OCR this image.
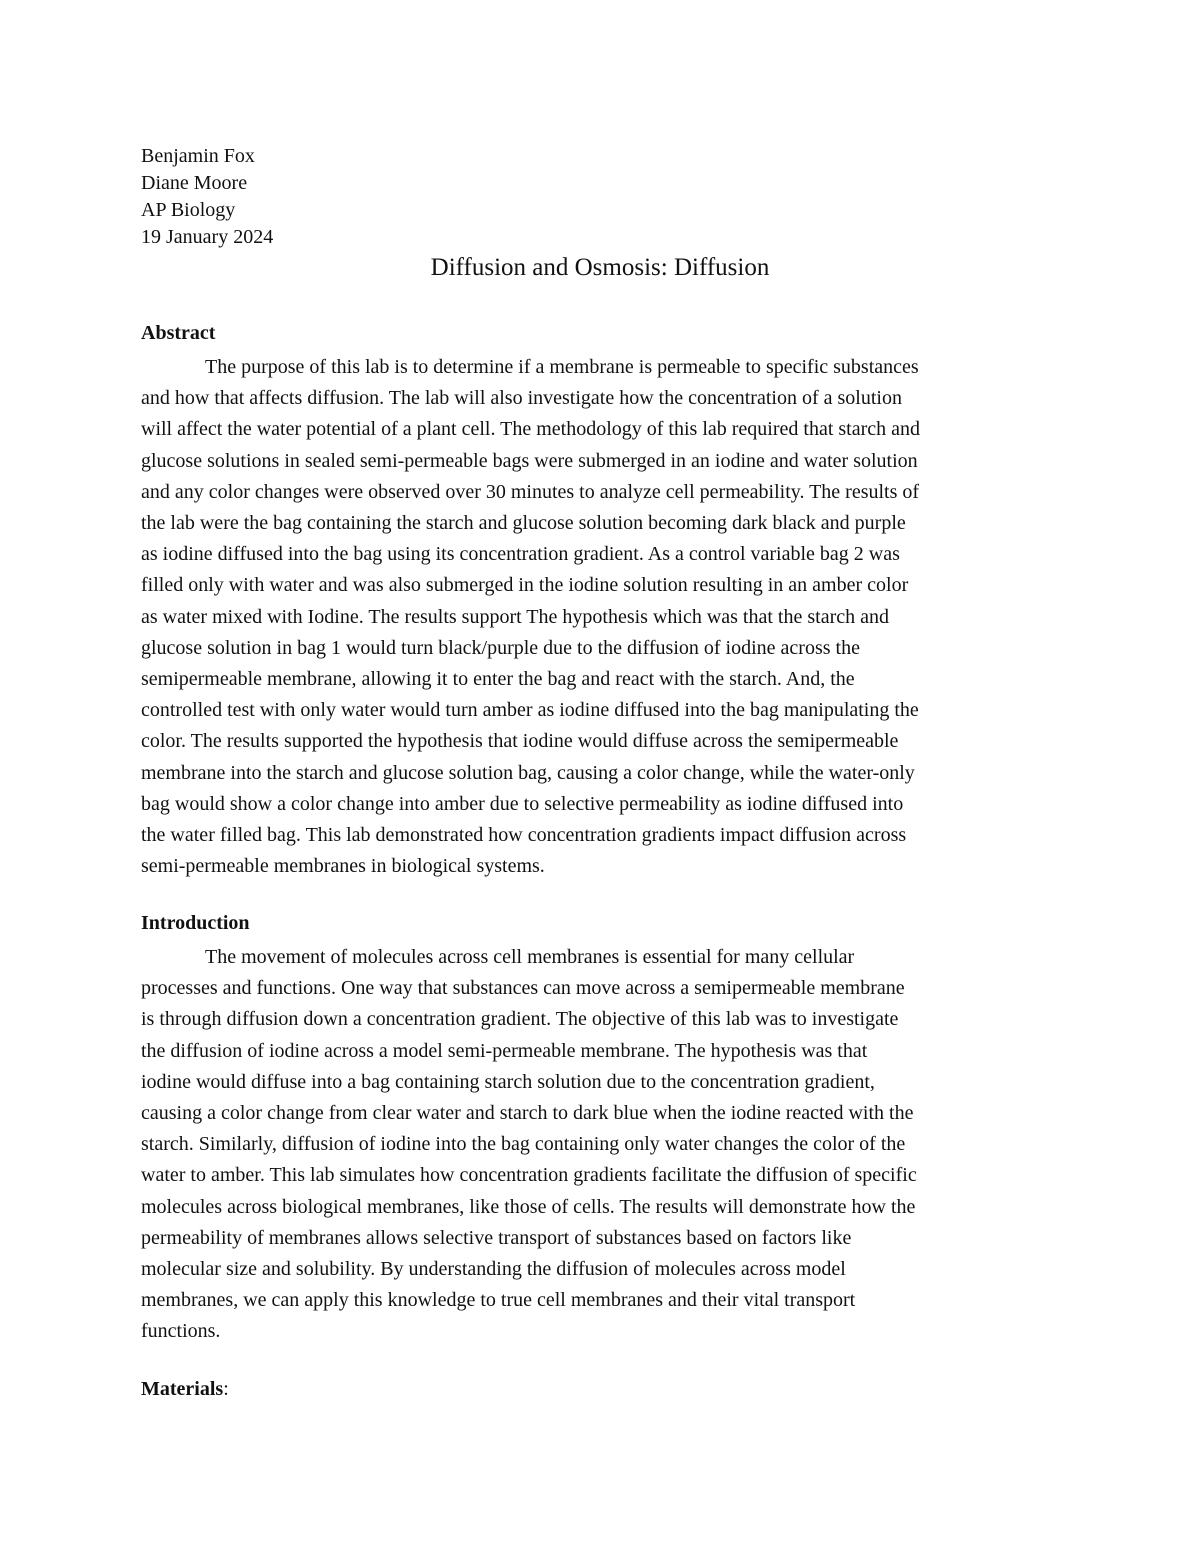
Benjamin Fox
Diane Moore
AP Biology
19 January 2024
Diffusion and Osmosis: Diffusion
Abstract
The purpose of this lab is to determine if a membrane is permeable to specific substances
and how that affects diffusion. The lab will also investigate how the concentration of a solution
will affect the water potential of a plant cell. The methodology of this lab required that starch and
glucose solutions in sealed semi-permeable bags were submerged in an iodine and water solution
and any color changes were observed over 30 minutes to analyze cell permeability. The results of
the lab were the bag containing the starch and glucose solution becoming dark black and purple
as iodine diffused into the bag using its concentration gradient. As a control variable bag 2 was
filled only with water and was also submerged in the iodine solution resulting in an amber color
as water mixed with Iodine. The results support The hypothesis which was that the starch and
glucose solution in bag 1 would turn black/purple due to the diffusion of iodine across the
semipermeable membrane, allowing it to enter the bag and react with the starch. And, the
controlled test with only water would turn amber as iodine diffused into the bag manipulating the
color. The results supported the hypothesis that iodine would diffuse across the semipermeable
membrane into the starch and glucose solution bag, causing a color change, while the water-only
bag would show a color change into amber due to selective permeability as iodine diffused into
the water filled bag. This lab demonstrated how concentration gradients impact diffusion across
semi-permeable membranes in biological systems.
Introduction
The movement of molecules across cell membranes is essential for many cellular
processes and functions. One way that substances can move across a semipermeable membrane
is through diffusion down a concentration gradient. The objective of this lab was to investigate
the diffusion of iodine across a model semi-permeable membrane. The hypothesis was that
iodine would diffuse into a bag containing starch solution due to the concentration gradient,
causing a color change from clear water and starch to dark blue when the iodine reacted with the
starch. Similarly, diffusion of iodine into the bag containing only water changes the color of the
water to amber. This lab simulates how concentration gradients facilitate the diffusion of specific
molecules across biological membranes, like those of cells. The results will demonstrate how the
permeability of membranes allows selective transport of substances based on factors like
molecular size and solubility. By understanding the diffusion of molecules across model
membranes, we can apply this knowledge to true cell membranes and their vital transport
functions.
Materials:
